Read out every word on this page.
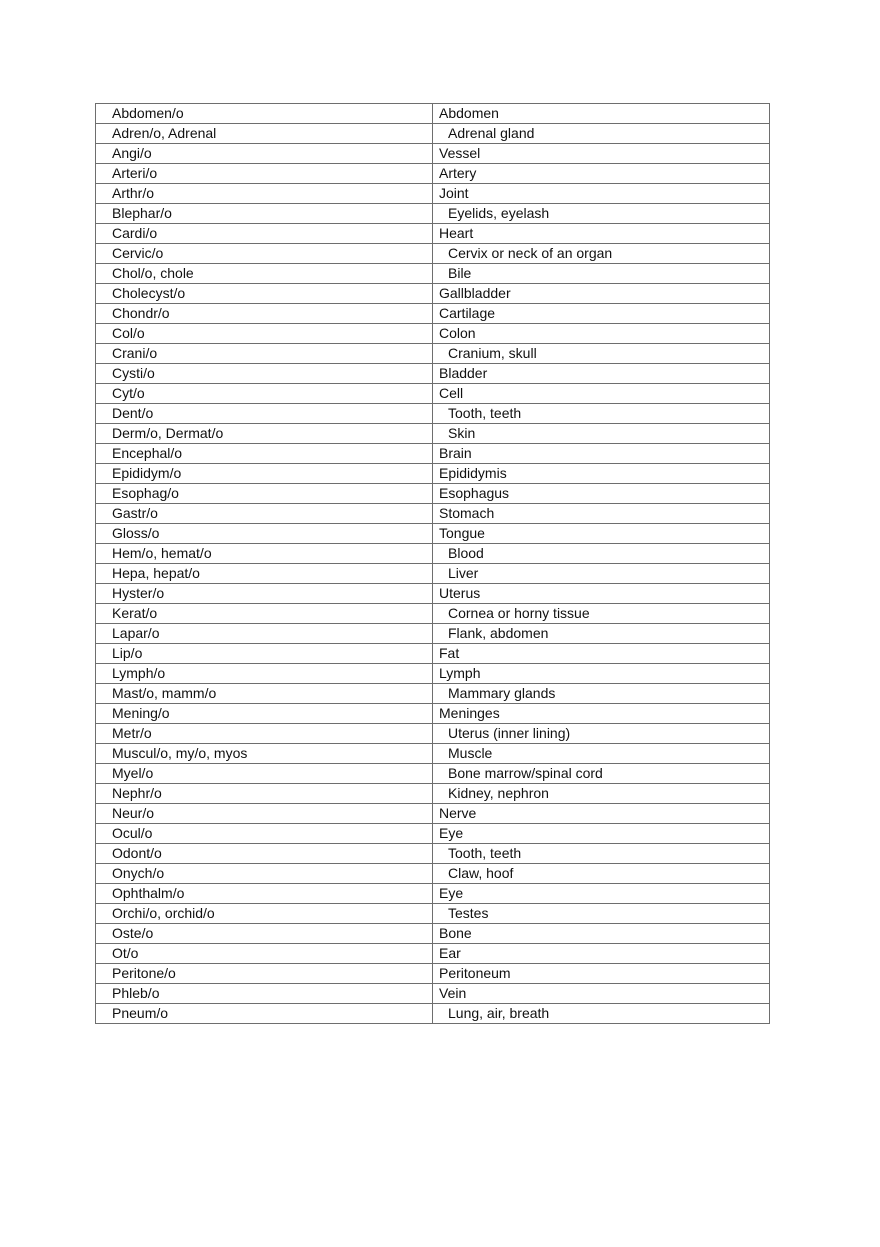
Abdomen/o	Abdomen
Adren/o, Adrenal	Adrenal gland
Angi/o	Vessel
Arteri/o	Artery
Arthr/o	Joint
Blephar/o	Eyelids, eyelash
Cardi/o	Heart
Cervic/o	Cervix or neck of an organ
Chol/o, chole	Bile
Cholecyst/o	Gallbladder
Chondr/o	Cartilage
Col/o	Colon
Crani/o	Cranium, skull
Cysti/o	Bladder
Cyt/o	Cell
Dent/o	Tooth, teeth
Derm/o, Dermat/o	Skin
Encephal/o	Brain
Epididym/o	Epididymis
Esophag/o	Esophagus
Gastr/o	Stomach
Gloss/o	Tongue
Hem/o, hemat/o	Blood
Hepa, hepat/o	Liver
Hyster/o	Uterus
Kerat/o	Cornea or horny tissue
Lapar/o	Flank, abdomen
Lip/o	Fat
Lymph/o	Lymph
Mast/o, mamm/o	Mammary glands
Mening/o	Meninges
Metr/o	Uterus (inner lining)
Muscul/o, my/o, myos	Muscle
Myel/o	Bone marrow/spinal cord
Nephr/o	Kidney, nephron
Neur/o	Nerve
Ocul/o	Eye
Odont/o	Tooth, teeth
Onych/o	Claw, hoof
Ophthalm/o	Eye
Orchi/o, orchid/o	Testes
Oste/o	Bone
Ot/o	Ear
Peritone/o	Peritoneum
Phleb/o	Vein
Pneum/o	Lung, air, breath
